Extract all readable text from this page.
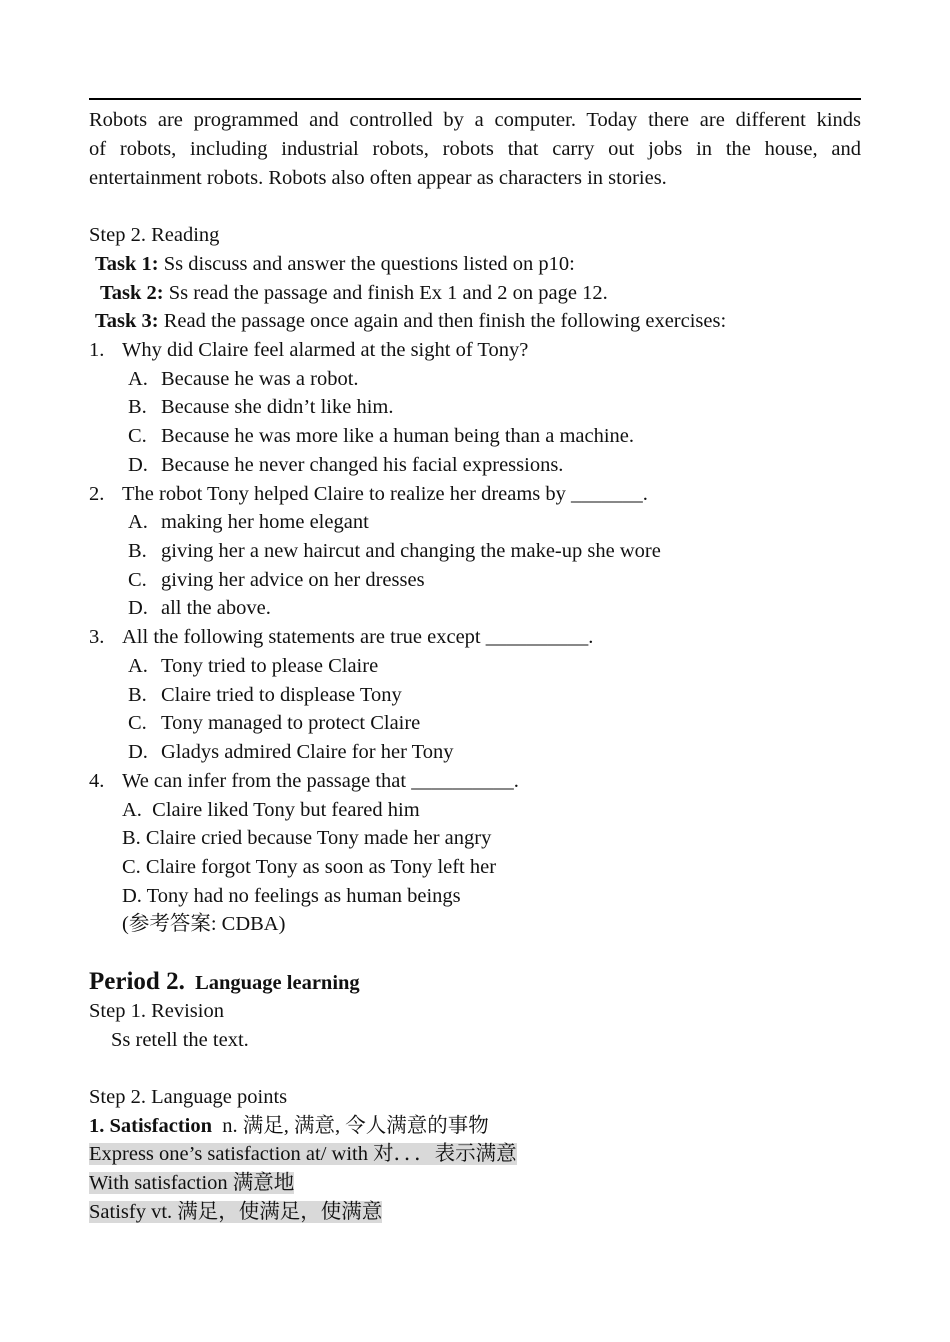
Robots are programmed and controlled by a computer. Today there are different kinds
of robots, including industrial robots, robots that carry out jobs in the house, and
entertainment robots. Robots also often appear as characters in stories.
Step 2. Reading
Task 1: Ss discuss and answer the questions listed on p10:
Task 2: Ss read the passage and finish Ex 1 and 2 on page 12.
Task 3: Read the passage once again and then finish the following exercises:
1. Why did Claire feel alarmed at the sight of Tony?
A. Because he was a robot.
B. Because she didn’t like him.
C. Because he was more like a human being than a machine.
D. Because he never changed his facial expressions.
2. The robot Tony helped Claire to realize her dreams by _______.
A. making her home elegant
B. giving her a new haircut and changing the make-up she wore
C. giving her advice on her dresses
D. all the above.
3. All the following statements are true except __________.
A. Tony tried to please Claire
B. Claire tried to displease Tony
C. Tony managed to protect Claire
D. Gladys admired Claire for her Tony
4. We can infer from the passage that __________.
A.  Claire liked Tony but feared him
B. Claire cried because Tony made her angry
C. Claire forgot Tony as soon as Tony left her
D. Tony had no feelings as human beings
(参考答案: CDBA)
Period 2. Language learning
Step 1. Revision
Ss retell the text.
Step 2. Language points
1. Satisfaction n. 满足, 满意, 令人满意的事物
Express one’s satisfaction at/ with 对．．．表示满意
With satisfaction 满意地
Satisfy vt. 满足，使满足，使满意
